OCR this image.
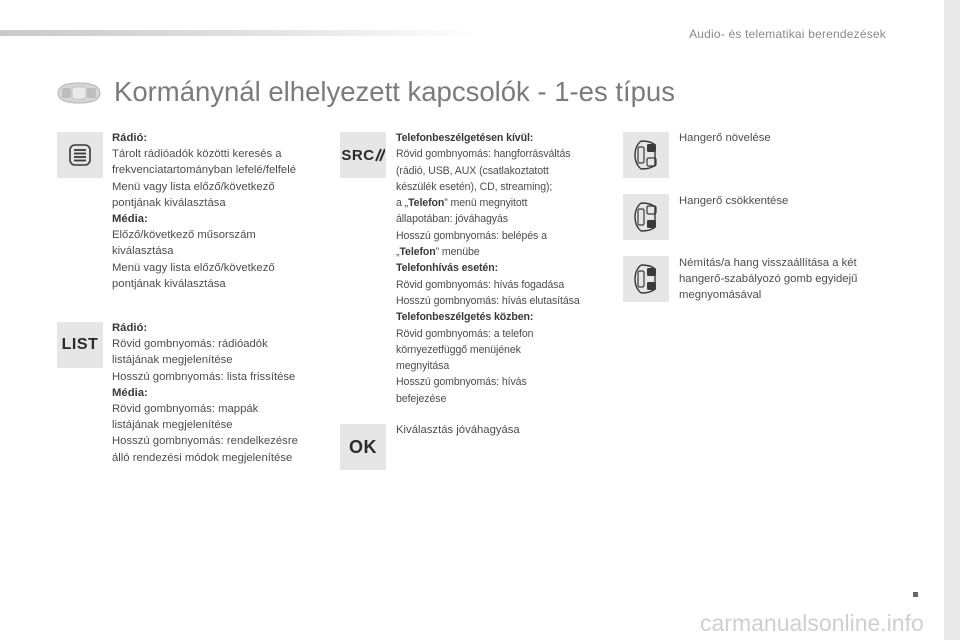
Audio- és telematikai berendezések
Kormánynál elhelyezett kapcsolók - 1-es típus
Rádió:
Tárolt rádióadók közötti keresés a
frekvenciatartományban lefelé/felfelé
Menü vagy lista előző/következő
pontjának kiválasztása
Média:
Előző/következő műsorszám
kiválasztása
Menü vagy lista előző/következő
pontjának kiválasztása
LIST
Rádió:
Rövid gombnyomás: rádióadók
listájának megjelenítése
Hosszú gombnyomás: lista frissítése
Média:
Rövid gombnyomás: mappák
listájának megjelenítése
Hosszú gombnyomás: rendelkezésre
álló rendezési módok megjelenítése
SRC
Telefonbeszélgetésen kívül:
Rövid gombnyomás: hangforrásváltás
(rádió, USB, AUX (csatlakoztatott
készülék esetén), CD, streaming);
a „Telefon” menü megnyitott
állapotában: jóváhagyás
Hosszú gombnyomás: belépés a
„Telefon” menübe
Telefonhívás esetén:
Rövid gombnyomás: hívás fogadása
Hosszú gombnyomás: hívás elutasítása
Telefonbeszélgetés közben:
Rövid gombnyomás: a telefon
környezetfüggő menüjének
megnyitása
Hosszú gombnyomás: hívás
befejezése
OK
Kiválasztás jóváhagyása
Hangerő növelése
Hangerő csökkentése
Némítás/a hang visszaállítása a két
hangerő-szabályozó gomb egyidejű
megnyomásával
carmanualsonline.info
